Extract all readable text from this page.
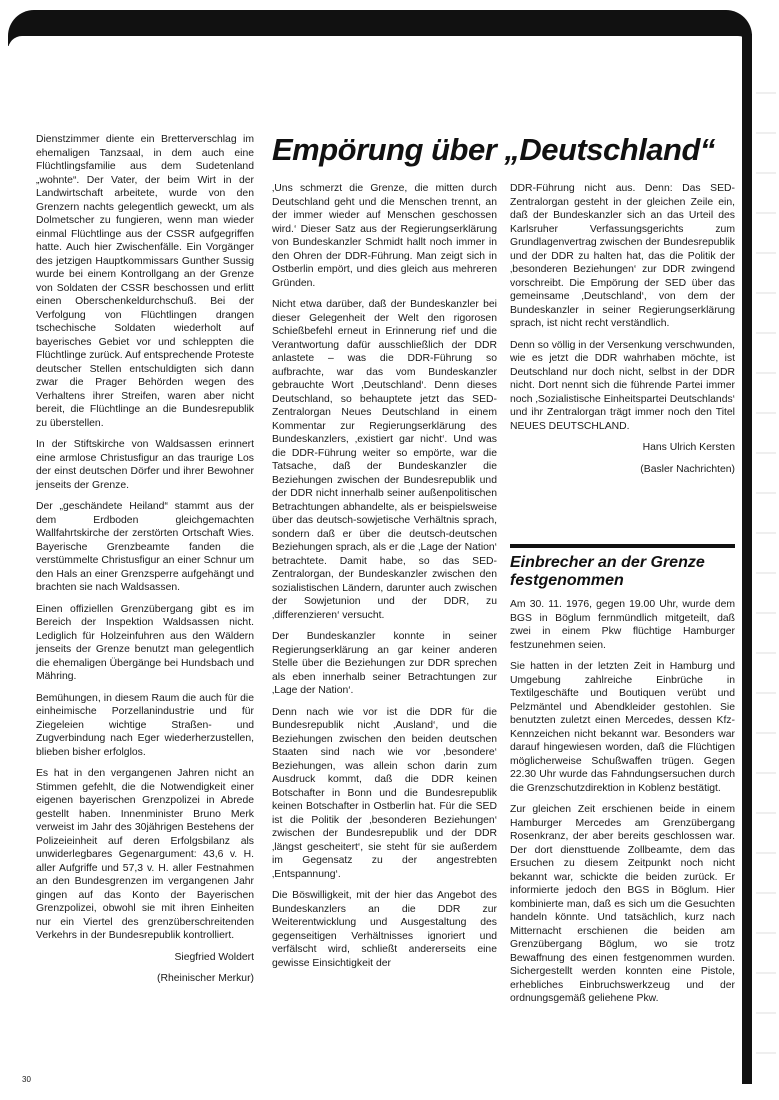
Dienstzimmer diente ein Bretterverschlag im ehemaligen Tanzsaal, in dem auch eine Flüchtlingsfamilie aus dem Sudetenland „wohnte“. Der Vater, der beim Wirt in der Landwirtschaft arbeitete, wurde von den Grenzern nachts gelegentlich geweckt, um als Dolmetscher zu fungieren, wenn man wieder einmal Flüchtlinge aus der CSSR aufgegriffen hatte. Auch hier Zwischenfälle. Ein Vorgänger des jetzigen Hauptkommissars Gunther Sussig wurde bei einem Kontrollgang an der Grenze von Soldaten der CSSR beschossen und erlitt einen Oberschenkeldurchschuß. Bei der Verfolgung von Flüchtlingen drangen tschechische Soldaten wiederholt auf bayerisches Gebiet vor und schleppten die Flüchtlinge zurück. Auf entsprechende Proteste deutscher Stellen entschuldigten sich dann zwar die Prager Behörden wegen des Verhaltens ihrer Streifen, waren aber nicht bereit, die Flüchtlinge an die Bundesrepublik zu überstellen.

In der Stiftskirche von Waldsassen erinnert eine armlose Christusfigur an das traurige Los der einst deutschen Dörfer und ihrer Bewohner jenseits der Grenze.

Der „geschändete Heiland“ stammt aus der dem Erdboden gleichgemachten Wallfahrtskirche der zerstörten Ortschaft Wies. Bayerische Grenzbeamte fanden die verstümmelte Christusfigur an einer Schnur um den Hals an einer Grenzsperre aufgehängt und brachten sie nach Waldsassen.

Einen offiziellen Grenzübergang gibt es im Bereich der Inspektion Waldsassen nicht. Lediglich für Holzeinfuhren aus den Wäldern jenseits der Grenze benutzt man gelegentlich die ehemaligen Übergänge bei Hundsbach und Mähring.

Bemühungen, in diesem Raum die auch für die einheimische Porzellanindustrie und für Ziegeleien wichtige Straßen- und Zugverbindung nach Eger wiederherzustellen, blieben bisher erfolglos.

Es hat in den vergangenen Jahren nicht an Stimmen gefehlt, die die Notwendigkeit einer eigenen bayerischen Grenzpolizei in Abrede gestellt haben. Innenminister Bruno Merk verweist im Jahr des 30jährigen Bestehens der Polizeieinheit auf deren Erfolgsbilanz als unwiderlegbares Gegenargument: 43,6 v. H. aller Aufgriffe und 57,3 v. H. aller Festnahmen an den Bundesgrenzen im vergangenen Jahr gingen auf das Konto der Bayerischen Grenzpolizei, obwohl sie mit ihren Einheiten nur ein Viertel des grenzüberschreitenden Verkehrs in der Bundesrepublik kontrolliert.

Siegfried Woldert

(Rheinischer Merkur)

Empörung über „Deutschland“

‚Uns schmerzt die Grenze, die mitten durch Deutschland geht und die Menschen trennt, an der immer wieder auf Menschen geschossen wird.‘ Dieser Satz aus der Regierungserklärung von Bundeskanzler Schmidt hallt noch immer in den Ohren der DDR-Führung. Man zeigt sich in Ostberlin empört, und dies gleich aus mehreren Gründen.

Nicht etwa darüber, daß der Bundeskanzler bei dieser Gelegenheit der Welt den rigorosen Schießbefehl erneut in Erinnerung rief und die Verantwortung dafür ausschließlich der DDR anlastete – was die DDR-Führung so aufbrachte, war das vom Bundeskanzler gebrauchte Wort ‚Deutschland‘. Denn dieses Deutschland, so behauptete jetzt das SED-Zentralorgan Neues Deutschland in einem Kommentar zur Regierungserklärung des Bundeskanzlers, ‚existiert gar nicht‘. Und was die DDR-Führung weiter so empörte, war die Tatsache, daß der Bundeskanzler die Beziehungen zwischen der Bundesrepublik und der DDR nicht innerhalb seiner außenpolitischen Betrachtungen abhandelte, als er beispielsweise über das deutsch-sowjetische Verhältnis sprach, sondern daß er über die deutsch-deutschen Beziehungen sprach, als er die ‚Lage der Nation‘ betrachtete. Damit habe, so das SED-Zentralorgan, der Bundeskanzler zwischen den sozialistischen Ländern, darunter auch zwischen der Sowjetunion und der DDR, zu ‚differenzieren‘ versucht.

Der Bundeskanzler konnte in seiner Regierungserklärung an gar keiner anderen Stelle über die Beziehungen zur DDR sprechen als eben innerhalb seiner Betrachtungen zur ‚Lage der Nation‘.

Denn nach wie vor ist die DDR für die Bundesrepublik nicht ‚Ausland‘, und die Beziehungen zwischen den beiden deutschen Staaten sind nach wie vor ‚besondere‘ Beziehungen, was allein schon darin zum Ausdruck kommt, daß die DDR keinen Botschafter in Bonn und die Bundesrepublik keinen Botschafter in Ostberlin hat. Für die SED ist die Politik der ‚besonderen Beziehungen‘ zwischen der Bundesrepublik und der DDR ‚längst gescheitert‘, sie steht für sie außerdem im Gegensatz zu der angestrebten ‚Entspannung‘.

Die Böswilligkeit, mit der hier das Angebot des Bundeskanzlers an die DDR zur Weiterentwicklung und Ausgestaltung des gegenseitigen Verhältnisses ignoriert und verfälscht wird, schließt andererseits eine gewisse Einsichtigkeit der

DDR-Führung nicht aus. Denn: Das SED-Zentralorgan gesteht in der gleichen Zeile ein, daß der Bundeskanzler sich an das Urteil des Karlsruher Verfassungsgerichts zum Grundlagenvertrag zwischen der Bundesrepublik und der DDR zu halten hat, das die Politik der ‚besonderen Beziehungen‘ zur DDR zwingend vorschreibt. Die Empörung der SED über das gemeinsame ‚Deutschland‘, von dem der Bundeskanzler in seiner Regierungserklärung sprach, ist nicht recht verständlich.

Denn so völlig in der Versenkung verschwunden, wie es jetzt die DDR wahrhaben möchte, ist Deutschland nur doch nicht, selbst in der DDR nicht. Dort nennt sich die führende Partei immer noch ‚Sozialistische Einheitspartei Deutschlands‘ und ihr Zentralorgan trägt immer noch den Titel NEUES DEUTSCHLAND.

Hans Ulrich Kersten

(Basler Nachrichten)

Einbrecher an der Grenze festgenommen

Am 30. 11. 1976, gegen 19.00 Uhr, wurde dem BGS in Böglum fernmündlich mitgeteilt, daß zwei in einem Pkw flüchtige Hamburger festzunehmen seien.

Sie hatten in der letzten Zeit in Hamburg und Umgebung zahlreiche Einbrüche in Textilgeschäfte und Boutiquen verübt und Pelzmäntel und Abendkleider gestohlen. Sie benutzten zuletzt einen Mercedes, dessen Kfz-Kennzeichen nicht bekannt war. Besonders war darauf hingewiesen worden, daß die Flüchtigen möglicherweise Schußwaffen trügen. Gegen 22.30 Uhr wurde das Fahndungsersuchen durch die Grenzschutzdirektion in Koblenz bestätigt.

Zur gleichen Zeit erschienen beide in einem Hamburger Mercedes am Grenzübergang Rosenkranz, der aber bereits geschlossen war. Der dort diensttuende Zollbeamte, dem das Ersuchen zu diesem Zeitpunkt noch nicht bekannt war, schickte die beiden zurück. Er informierte jedoch den BGS in Böglum. Hier kombinierte man, daß es sich um die Gesuchten handeln könnte. Und tatsächlich, kurz nach Mitternacht erschienen die beiden am Grenzübergang Böglum, wo sie trotz Bewaffnung des einen festgenommen wurden. Sichergestellt werden konnten eine Pistole, erhebliches Einbruchswerkzeug und der ordnungsgemäß geliehene Pkw.

30
